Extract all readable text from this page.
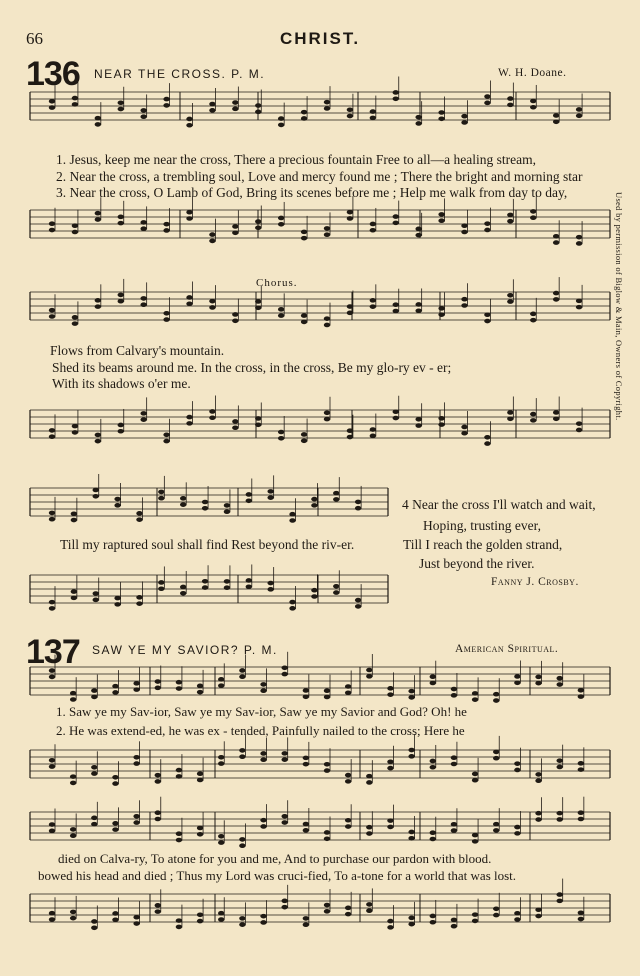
66	CHRIST.
Used by permission of Biglow & Main, Owners of Copyright.
136 NEAR THE CROSS. P. M.	W. H. Doane.
1. Jesus, keep me near the cross, There a precious fountain Free to all—a healing stream,
2. Near the cross, a trembling soul, Love and mercy found me ; There the bright and morning star
3. Near the cross, O Lamb of God, Bring its scenes before me ; Help me walk from day to day,
Chorus.
Flows from Calvary's mountain.
Shed its beams around me. In the cross, in the cross, Be my glo-ry ev - er;
With its shadows o'er me.
Till my raptured soul shall find Rest beyond the riv-er.
4 Near the cross I'll watch and wait,
Hoping, trusting ever,
Till I reach the golden strand,
Just beyond the river.
Fanny J. Crosby.
137 SAW YE MY SAVIOR? P. M.	American Spiritual.
1. Saw ye my Sav-ior, Saw ye my Sav-ior, Saw ye my Savior and God? Oh! he
2. He was extend-ed, he was ex - tended, Painfully nailed to the cross; Here he
died on Calva-ry, To atone for you and me, And to purchase our pardon with blood.
bowed his head and died ; Thus my Lord was cruci-fied, To a-tone for a world that was lost.
